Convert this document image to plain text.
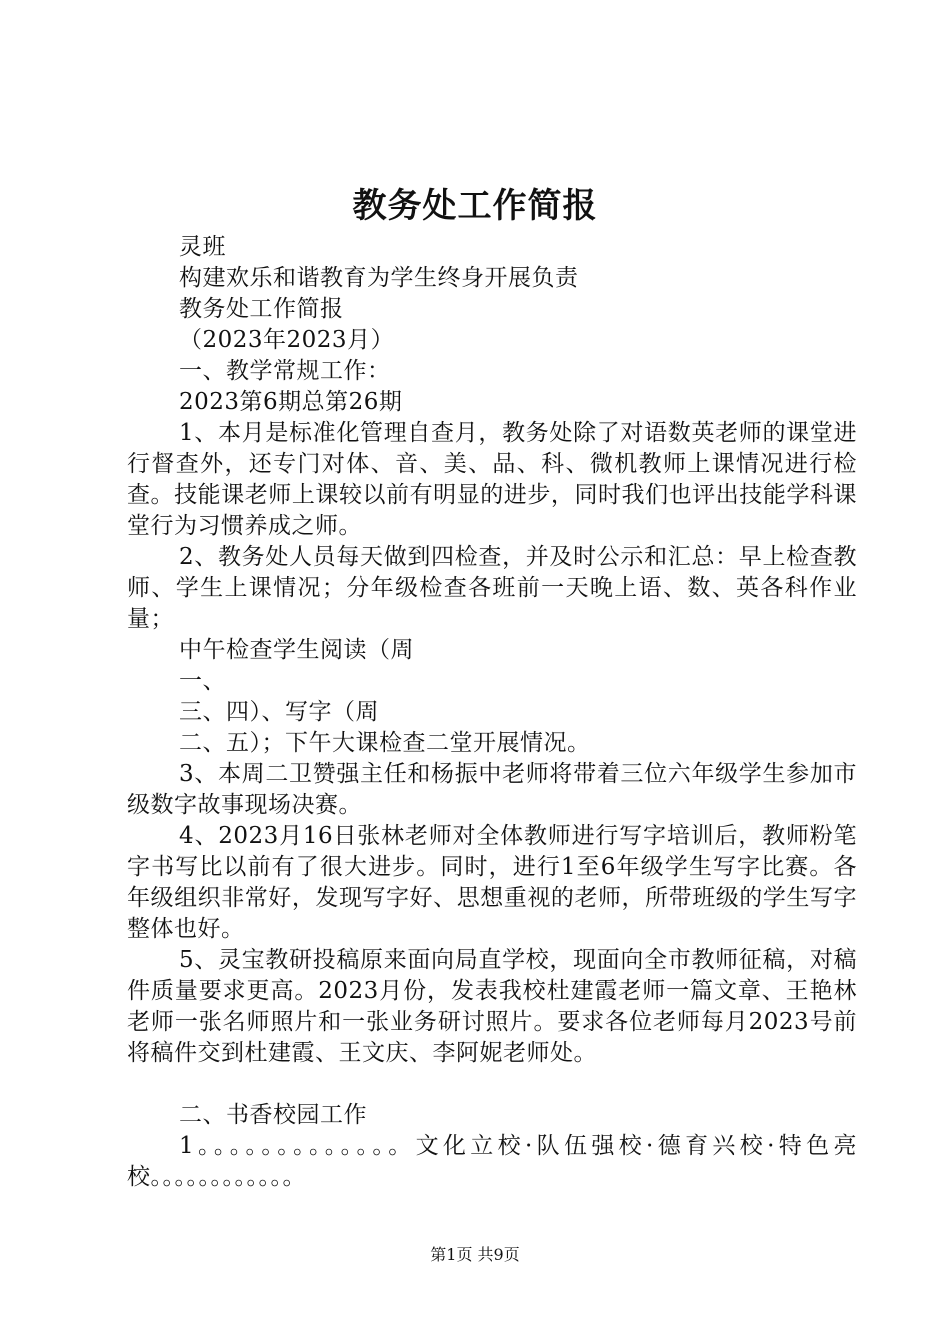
教务处工作简报

灵班

构建欢乐和谐教育为学生终身开展负责

教务处工作简报

（2023年2023月）

一、教学常规工作：

2023第6期总第26期

1、本月是标准化管理自查月，教务处除了对语数英老师的课堂进行督查外，还专门对体、音、美、品、科、微机教师上课情况进行检查。技能课老师上课较以前有明显的进步，同时我们也评出技能学科课堂行为习惯养成之师。

2、教务处人员每天做到四检查，并及时公示和汇总：早上检查教师、学生上课情况；分年级检查各班前一天晚上语、数、英各科作业量；

中午检查学生阅读（周

一、

三、四）、写字（周

二、五）；下午大课检查二堂开展情况。

3、本周二卫赞强主任和杨振中老师将带着三位六年级学生参加市级数字故事现场决赛。

4、2023月16日张林老师对全体教师进行写字培训后，教师粉笔字书写比以前有了很大进步。同时，进行1至6年级学生写字比赛。各年级组织非常好，发现写字好、思想重视的老师，所带班级的学生写字整体也好。

5、灵宝教研投稿原来面向局直学校，现面向全市教师征稿，对稿件质量要求更高。2023月份，发表我校杜建霞老师一篇文章、王艳林老师一张名师照片和一张业务研讨照片。要求各位老师每月2023号前将稿件交到杜建霞、王文庆、李阿妮老师处。

二、书香校园工作

1。。。。。。。。。。。。。文化立校·队伍强校·德育兴校·特色亮校。。。。。。。。。。。。

第1页 共9页
